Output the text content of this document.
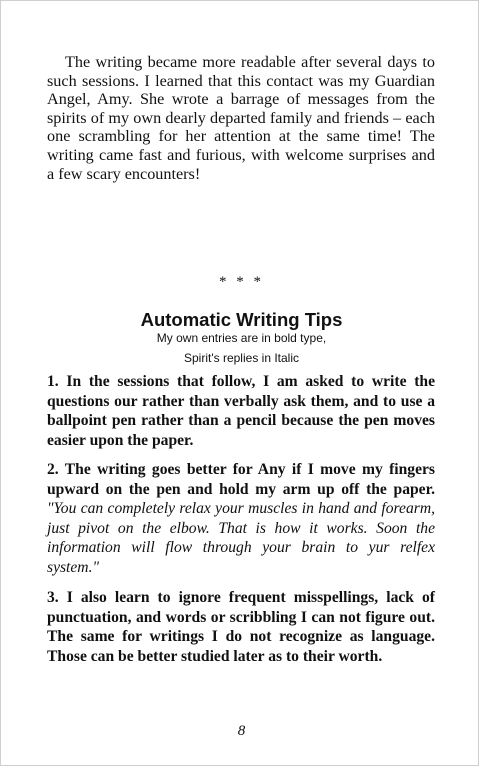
The writing became more readable after several days to such sessions. I learned that this contact was my Guardian Angel, Amy. She wrote a barrage of messages from the spirits of my own dearly departed family and friends – each one scrambling for her attention at the same time! The writing came fast and furious, with welcome surprises and a few scary encounters!

* * *
Automatic Writing Tips
My own entries are in bold type,
Spirit's replies in Italic

1. In the sessions that follow, I am asked to write the questions our rather than verbally ask them, and to use a ballpoint pen rather than a pencil because the pen moves easier upon the paper.

2. The writing goes better for Any if I move my fingers upward on the pen and hold my arm up off the paper. "You can completely relax your muscles in hand and forearm, just pivot on the elbow. That is how it works. Soon the information will flow through your brain to yur relfex system."

3. I also learn to ignore frequent misspellings, lack of punctuation, and words or scribbling I can not figure out. The same for writings I do not recognize as language. Those can be better studied later as to their worth.

8
